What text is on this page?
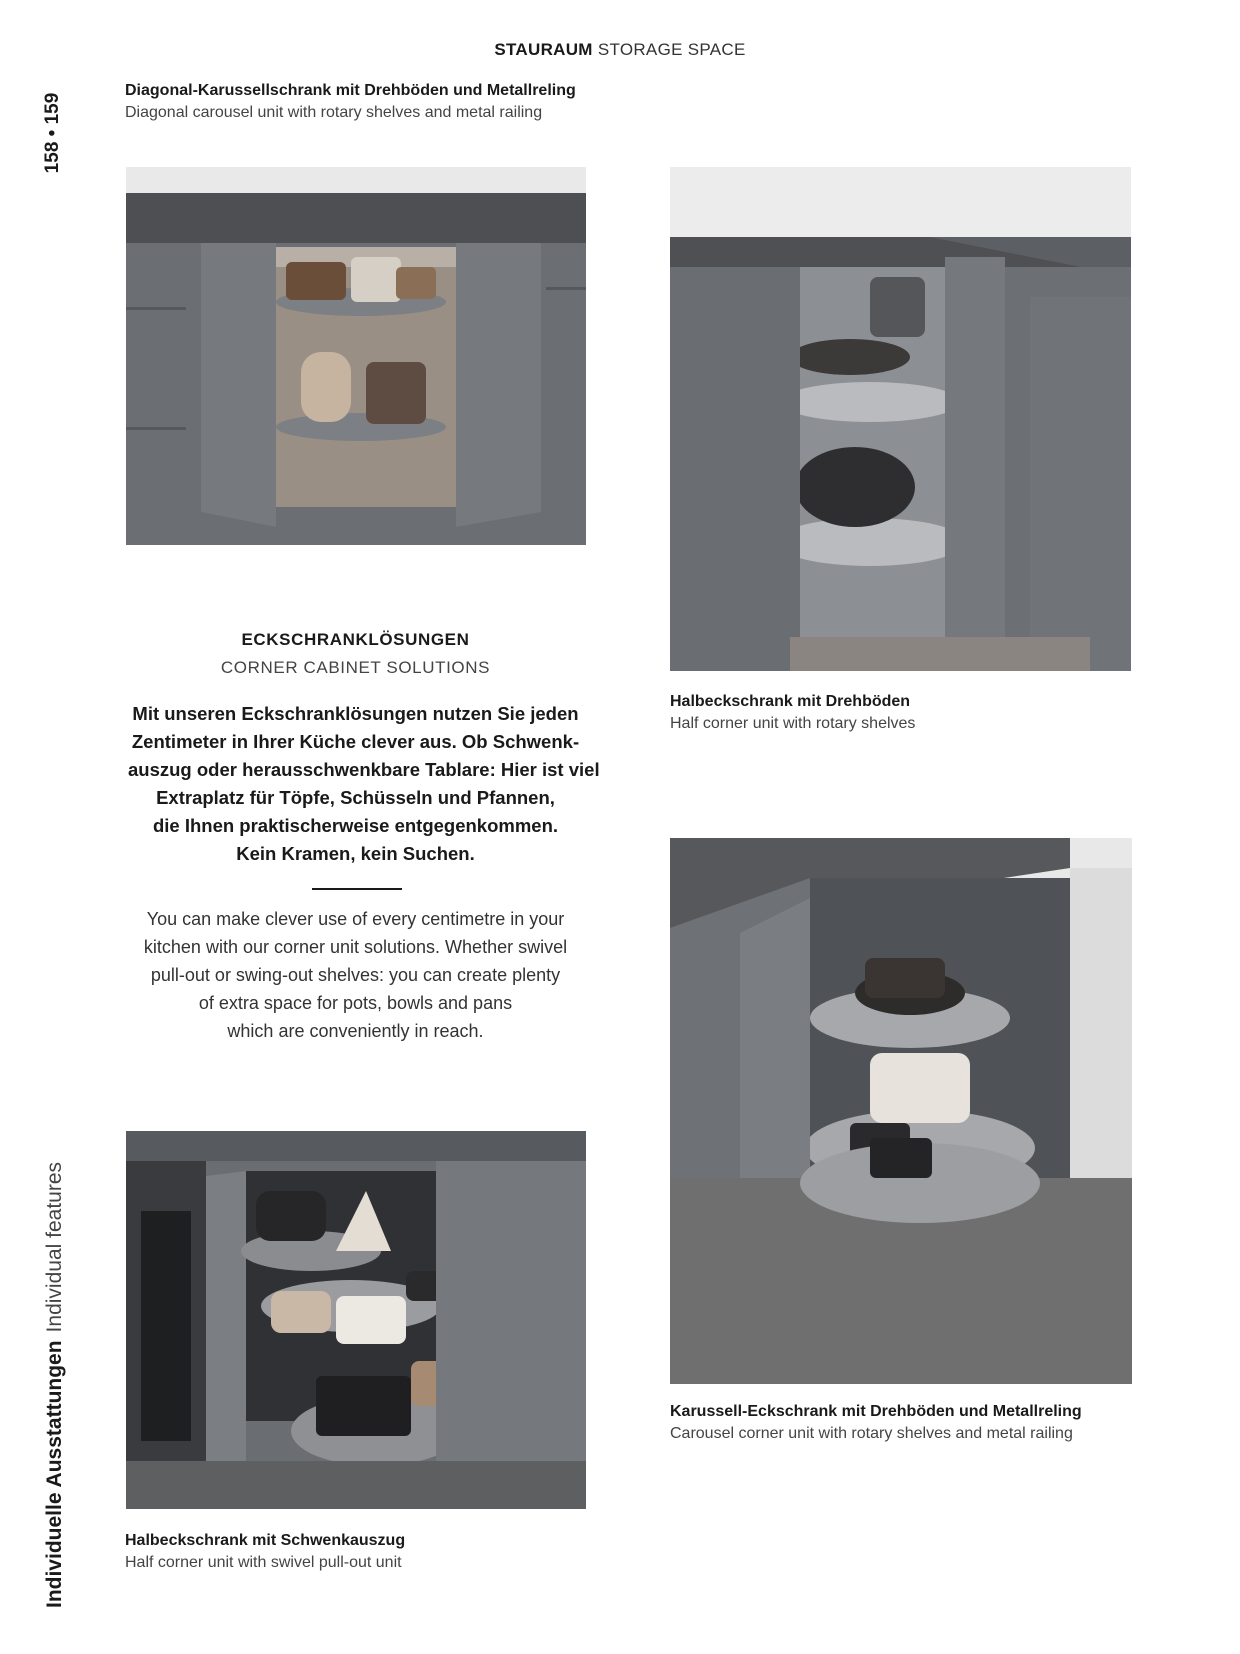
STAURAUM STORAGE SPACE
158 • 159
Individuelle AusstattungenIndividual features
Diagonal-Karussellschrank mit Drehböden und Metallreling
Diagonal carousel unit with rotary shelves and metal railing
Halbeckschrank mit Drehböden
Half corner unit with rotary shelves
ECKSCHRANKLÖSUNGEN
CORNER CABINET SOLUTIONS
Mit unseren Eckschranklösungen nutzen Sie jeden
Zentimeter in Ihrer Küche clever aus. Ob Schwenk-
auszug oder herausschwenkbare Tablare: Hier ist viel
Extraplatz für Töpfe, Schüsseln und Pfannen,
die Ihnen praktischerweise entgegenkommen.
Kein Kramen, kein Suchen.
You can make clever use of every centimetre in your
kitchen with our corner unit solutions. Whether swivel
pull-out or swing-out shelves: you can create plenty
of extra space for pots, bowls and pans
which are conveniently in reach.
Karussell-Eckschrank mit Drehböden und Metallreling
Carousel corner unit with rotary shelves and metal railing
Halbeckschrank mit Schwenkauszug
Half corner unit with swivel pull-out unit
